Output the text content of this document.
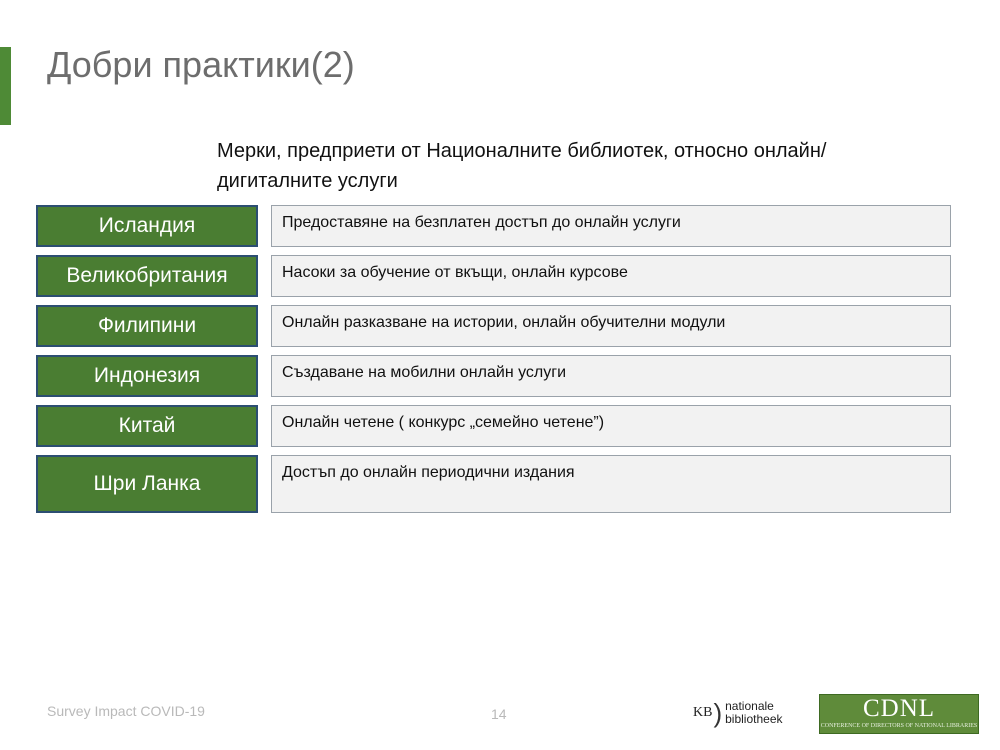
Добри практики(2)
Мерки, предприети от Националните библиотек, относно онлайн/дигиталните услуги
Исландия	Предоставяне на безплатен достъп до онлайн услуги
Великобритания	Насоки за обучение от вкъщи, онлайн курсове
Филипини	Онлайн разказване на истории, онлайн обучителни модули
Индонезия	Създаване на мобилни онлайн услуги
Китай	Онлайн четене ( конкурс „семейно четене”)
Шри Ланка	Достъп до онлайн периодични издания
Survey Impact COVID-19	14	KB ) nationale
bibliotheek	CDNL
CONFERENCE OF DIRECTORS OF NATIONAL LIBRARIES
